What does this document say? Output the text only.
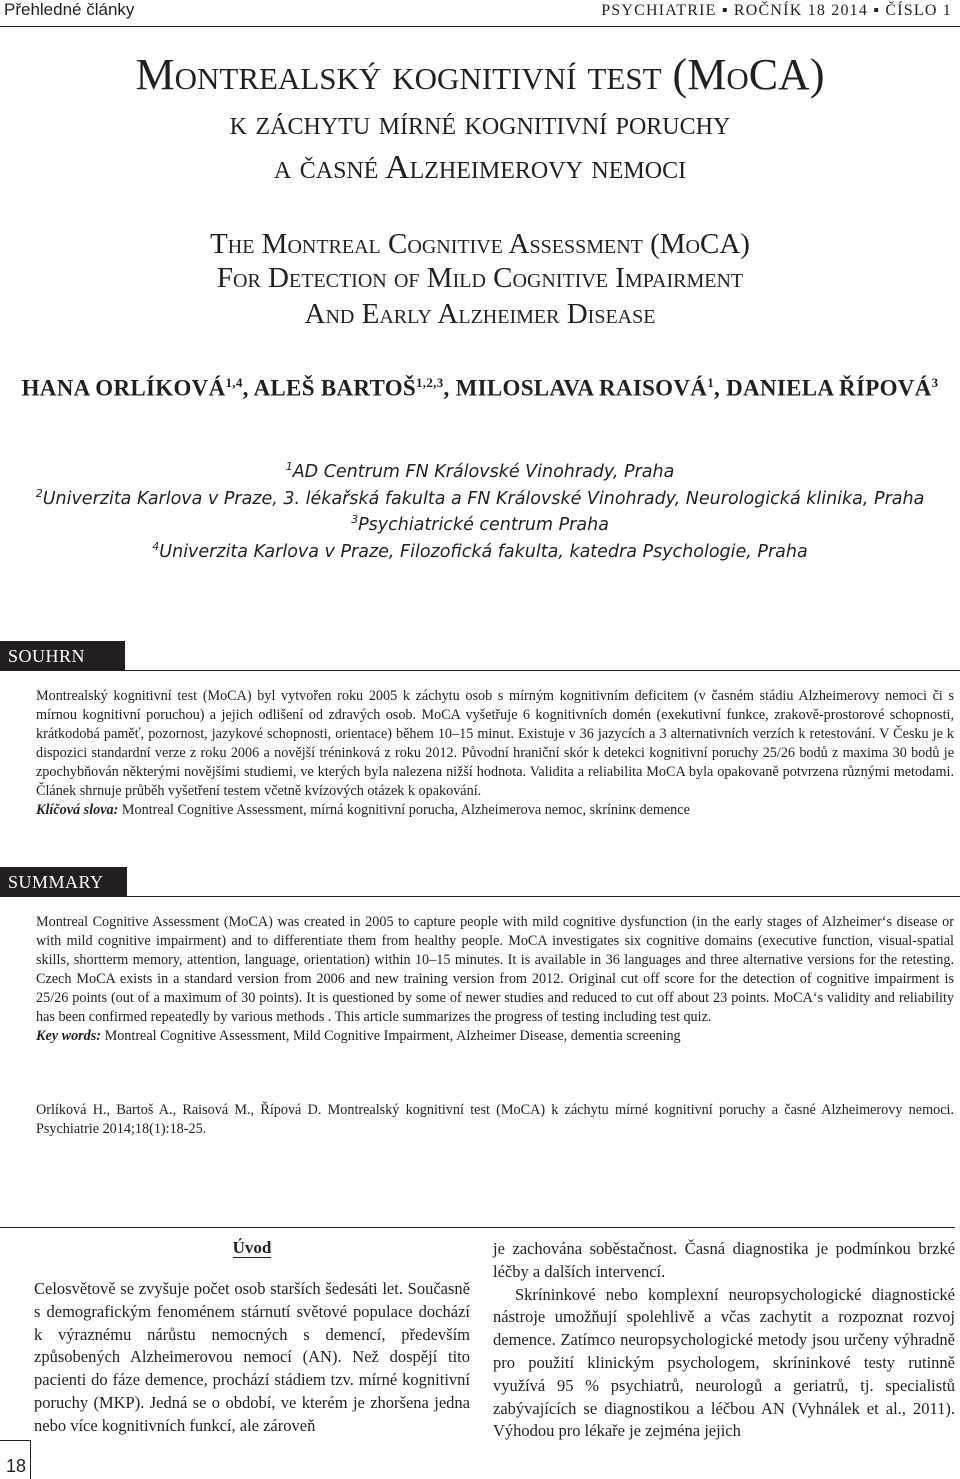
Přehledné články	PSYCHIATRIE ▪ ROČNÍK 18 2014 ▪ ČÍSLO 1
Montrealský kognitivní test (MoCA)
k záchytu mírné kognitivní poruchy
a časné Alzheimerovy nemoci
The Montreal Cognitive Assessment (MoCA)
For Detection of Mild Cognitive Impairment
And Early Alzheimer Disease
HANA ORLÍKOVÁ$^{1,4}$, ALEŠ BARTOŠ$^{1,2,3}$, MILOSLAVA RAISOVÁ$^1$, DANIELA ŘÍPOVÁ$^3$
$^1$AD Centrum FN Královské Vinohrady, Praha
$^2$Univerzita Karlova v Praze, 3. lékařská fakulta a FN Královské Vinohrady, Neurologická klinika, Praha
$^3$Psychiatrické centrum Praha
$^4$Univerzita Karlova v Praze, Filozofická fakulta, katedra Psychologie, Praha
SOUHRN

Montrealský kognitivní test (MoCA) byl vytvořen roku 2005 k záchytu osob s mírným kognitivním deficitem (v časném stádiu Alzheimerovy nemoci či s mírnou kognitivní poruchou) a jejich odlišení od zdravých osob. MoCA vyšetřuje 6 kognitivních domén (exekutivní funkce, zrakově-prostorové schopnosti, krátkodobá paměť, pozornost, jazykové schopnosti, orientace) během 10–15 minut. Existuje v 36 jazycích a 3 alternativních verzích k retestování. V Česku je k dispozici standardní verze z roku 2006 a novější tréninková z roku 2012. Původní hraniční skór k detekci kognitivní poruchy 25/26 bodů z maxima 30 bodů je zpochybňován některými novějšími studiemi, ve kterých byla nalezena nižší hodnota. Validita a reliabilita MoCA byla opakovaně potvrzena různými metodami. Článek shrnuje průběh vyšetření testem včetně kvízových otázek k opakování.

Klíčová slova: Montreal Cognitive Assessment, mírná kognitivní porucha, Alzheimerova nemoc, skríninк demence

SUMMARY

Montreal Cognitive Assessment (MoCA) was created in 2005 to capture people with mild cognitive dysfunction (in the early stages of Alzheimer‘s disease or with mild cognitive impairment) and to differentiate them from healthy people. MoCA investigates six cognitive domains (executive function, visual-spatial skills, shortterm memory, attention, language, orientation) within 10–15 minutes. It is available in 36 languages and three alternative versions for the retesting. Czech MoCA exists in a standard version from 2006 and new training version from 2012. Original cut off score for the detection of cognitive impairment is 25/26 points (out of a maximum of 30 points). It is questioned by some of newer studies and reduced to cut off about 23 points. MoCA‘s validity and reliability has been confirmed repeatedly by various methods . This article summarizes the progress of testing including test quiz.

Key words: Montreal Cognitive Assessment, Mild Cognitive Impairment, Alzheimer Disease, dementia screening

Orlíková H., Bartoš A., Raisová M., Řípová D. Montrealský kognitivní test (MoCA) k záchytu mírné kognitivní poruchy a časné Alzheimerovy nemoci. Psychiatrie 2014;18(1):18-25.

Úvod

Celosvětově se zvyšuje počet osob starších šedesáti let. Současně s demografickým fenoménem stárnutí světové populace dochází k výraznému nárůstu nemocných s demencí, především způsobených Alzheimerovou nemocí (AN). Než dospějí tito pacienti do fáze demence, prochází stádiem tzv. mírné kognitivní poruchy (MKP). Jedná se o období, ve kterém je zhoršena jedna nebo více kognitivních funkcí, ale zároveň

je zachována soběstačnost. Časná diagnostika je podmínkou brzké léčby a dalších intervencí.

Skríninkové nebo komplexní neuropsychologické diagnostické nástroje umožňují spolehlivě a včas zachytit a rozpoznat rozvoj demence. Zatímco neuropsychologické metody jsou určeny výhradně pro použití klinickým psychologem, skríninkové testy rutinně využívá 95 % psychiatrů, neurologů a geriatrů, tj. specialistů zabývajících se diagnostikou a léčbou AN (Vyhnálek et al., 2011). Výhodou pro lékaře je zejména jejich

18
